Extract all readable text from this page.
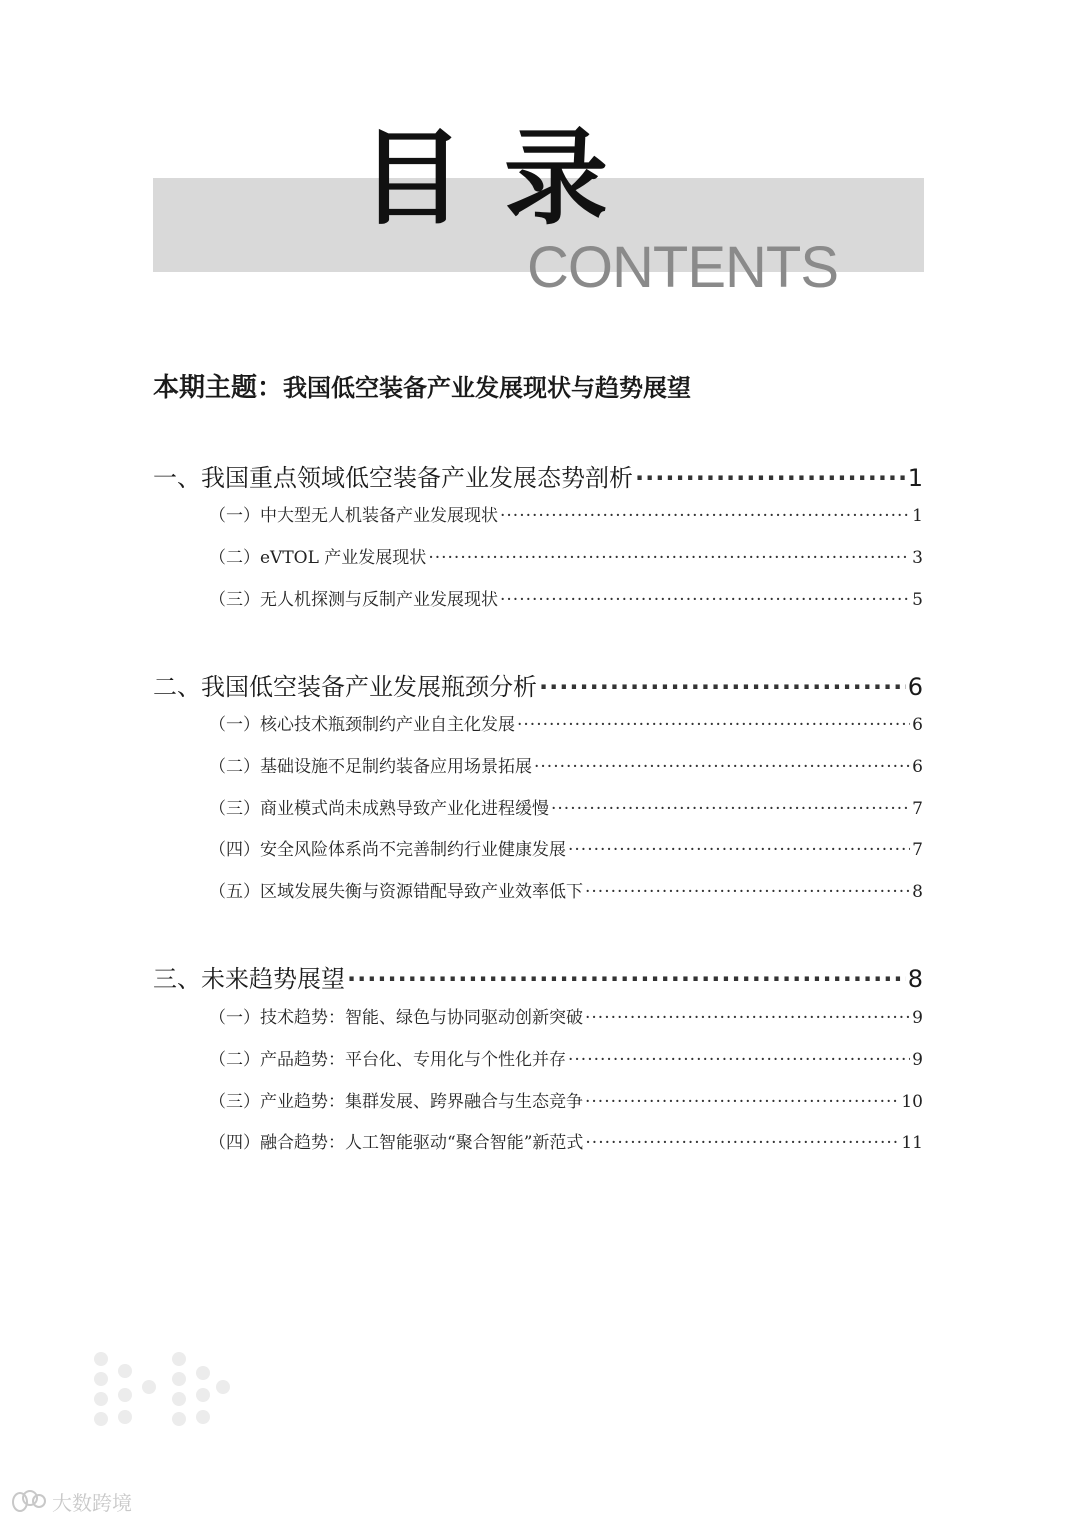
目录
CONTENTS
本期主题：我国低空装备产业发展现状与趋势展望
一、我国重点领域低空装备产业发展态势剖析 ·····	1
（一）中大型无人机装备产业发展现状 ·····	1
（二）eVTOL 产业发展现状 ·····	3
（三）无人机探测与反制产业发展现状 ·····	5
二、我国低空装备产业发展瓶颈分析 ·····	6
（一）核心技术瓶颈制约产业自主化发展 ·····	6
（二）基础设施不足制约装备应用场景拓展 ·····	6
（三）商业模式尚未成熟导致产业化进程缓慢 ·····	7
（四）安全风险体系尚不完善制约行业健康发展 ·····	7
（五）区域发展失衡与资源错配导致产业效率低下 ·····	8
三、未来趋势展望 ·····	8
（一）技术趋势：智能、绿色与协同驱动创新突破 ·····	9
（二）产品趋势：平台化、专用化与个性化并存 ·····	9
（三）产业趋势：集群发展、跨界融合与生态竞争 ·····	10
（四）融合趋势：人工智能驱动“聚合智能”新范式 ·····	11
大数跨境
